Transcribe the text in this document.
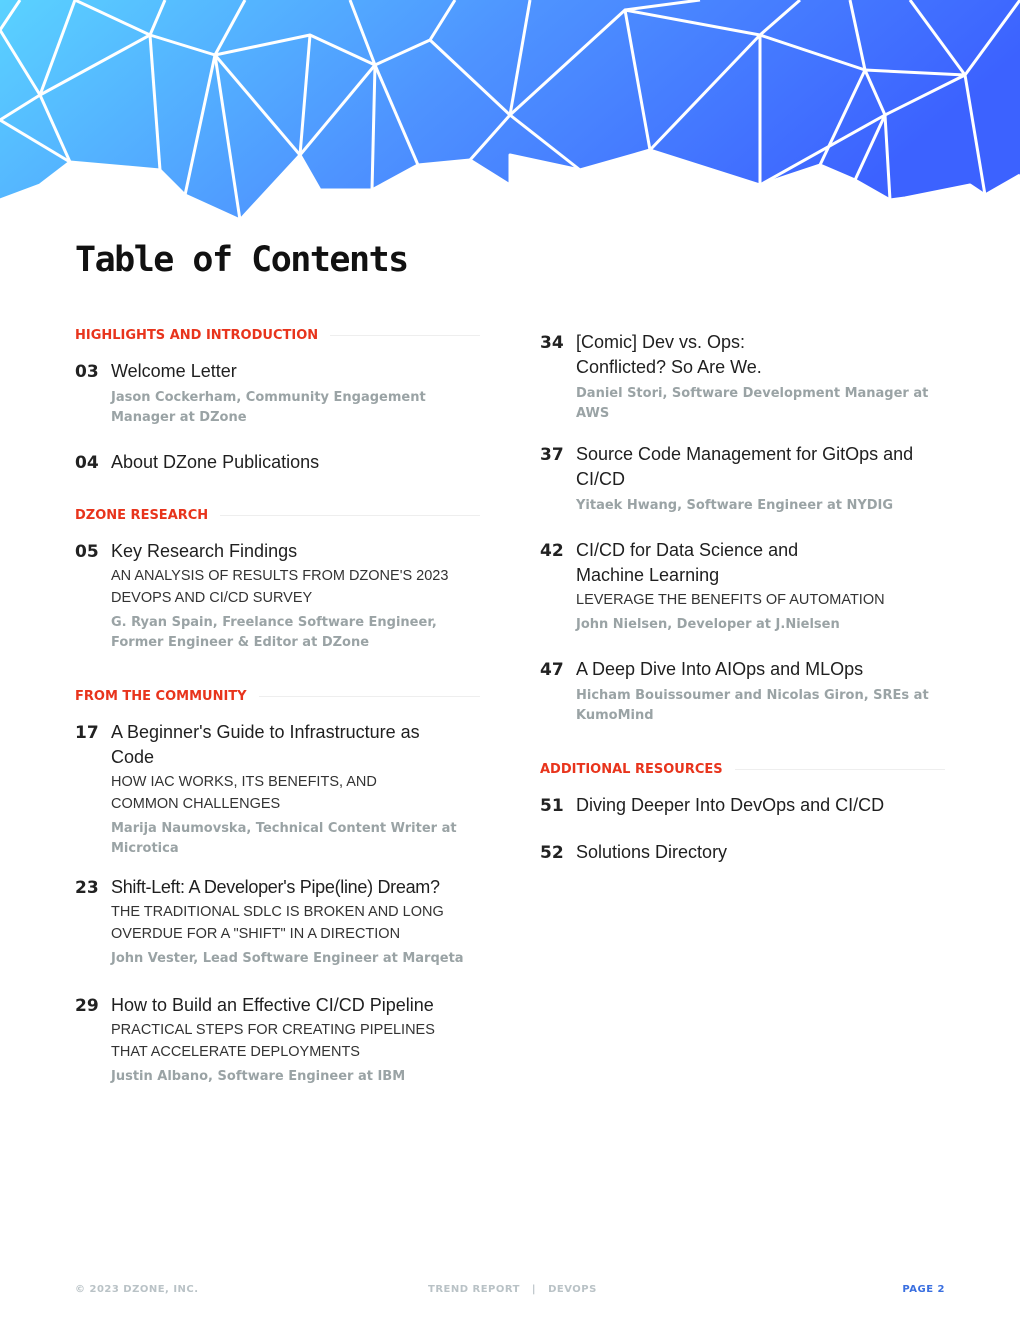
Table of Contents
HIGHLIGHTS AND INTRODUCTION
03 Welcome Letter
Jason Cockerham, Community Engagement Manager at DZone
04 About DZone Publications
DZONE RESEARCH
05 Key Research Findings
AN ANALYSIS OF RESULTS FROM DZONE'S 2023 DEVOPS AND CI/CD SURVEY
G. Ryan Spain, Freelance Software Engineer, Former Engineer & Editor at DZone
FROM THE COMMUNITY
17 A Beginner's Guide to Infrastructure as Code
HOW IAC WORKS, ITS BENEFITS, AND COMMON CHALLENGES
Marija Naumovska, Technical Content Writer at Microtica
23 Shift-Left: A Developer's Pipe(line) Dream?
THE TRADITIONAL SDLC IS BROKEN AND LONG OVERDUE FOR A "SHIFT" IN A DIRECTION
John Vester, Lead Software Engineer at Marqeta
29 How to Build an Effective CI/CD Pipeline
PRACTICAL STEPS FOR CREATING PIPELINES THAT ACCELERATE DEPLOYMENTS
Justin Albano, Software Engineer at IBM
34 [Comic] Dev vs. Ops: Conflicted? So Are We.
Daniel Stori, Software Development Manager at AWS
37 Source Code Management for GitOps and CI/CD
Yitaek Hwang, Software Engineer at NYDIG
42 CI/CD for Data Science and Machine Learning
LEVERAGE THE BENEFITS OF AUTOMATION
John Nielsen, Developer at J.Nielsen
47 A Deep Dive Into AIOps and MLOps
Hicham Bouissoumer and Nicolas Giron, SREs at KumoMind
ADDITIONAL RESOURCES
51 Diving Deeper Into DevOps and CI/CD
52 Solutions Directory
© 2023 DZONE, INC.	TREND REPORT | DEVOPS	PAGE 2
